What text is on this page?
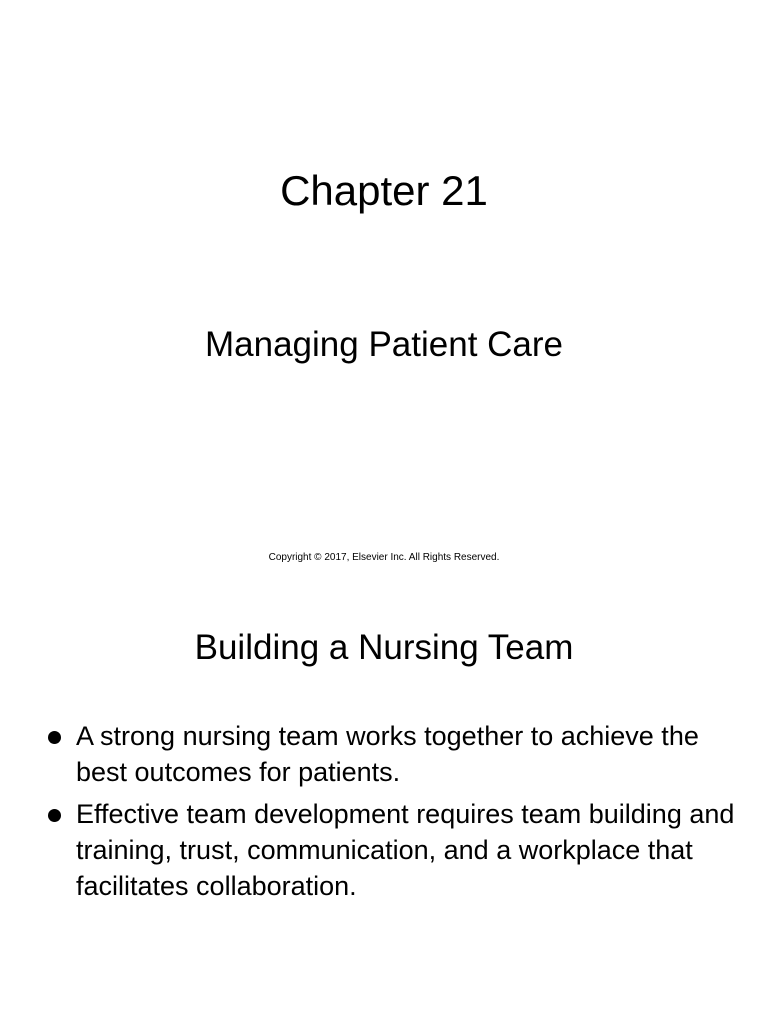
Chapter 21
Managing Patient Care

Copyright © 2017, Elsevier Inc. All Rights Reserved.

Building a Nursing Team
A strong nursing team works together to achieve the best outcomes for patients.
Effective team development requires team building and training, trust, communication, and a workplace that facilitates collaboration.
